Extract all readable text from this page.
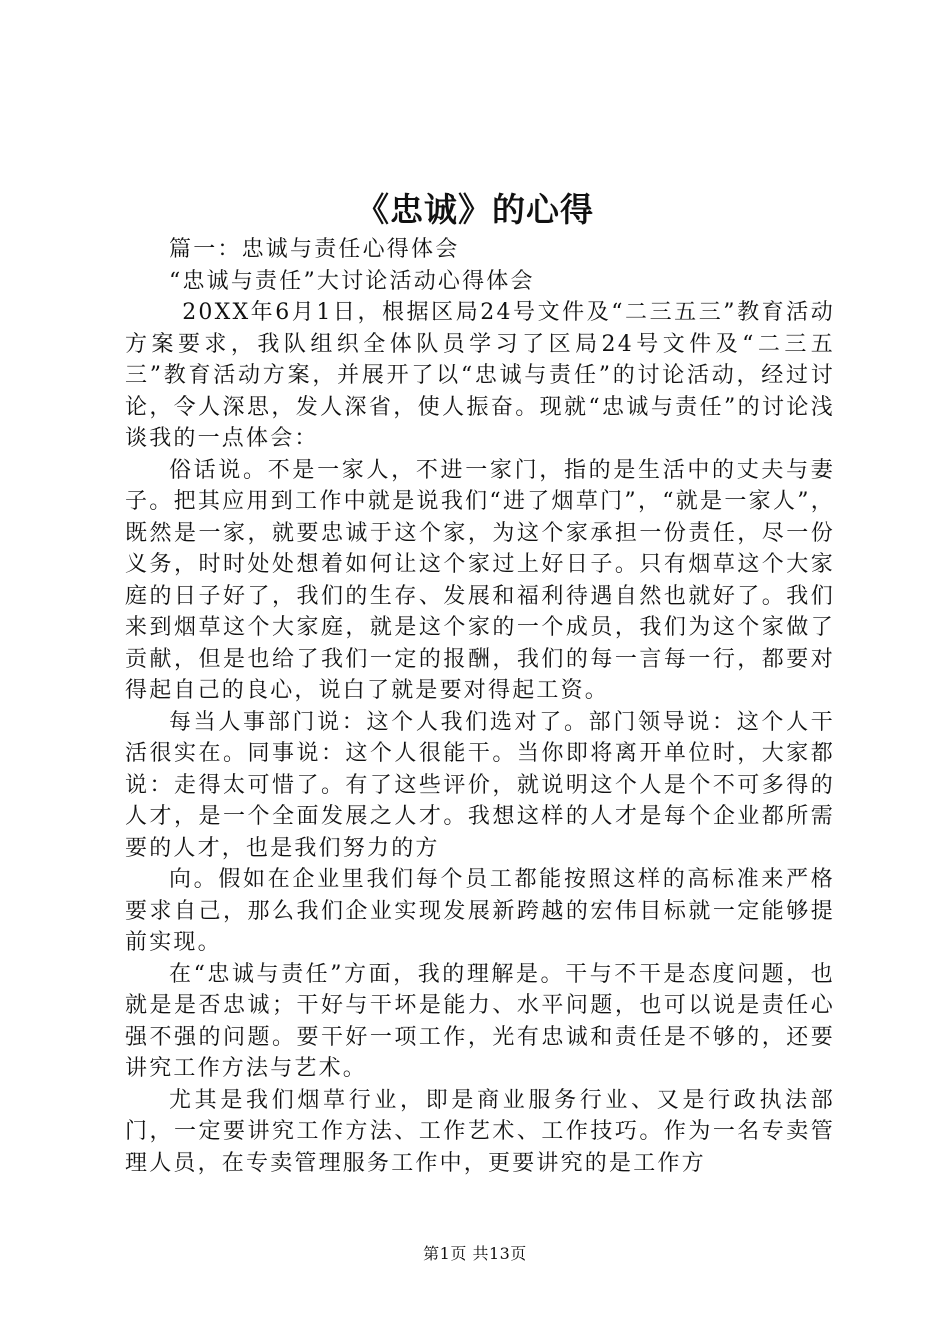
《忠诚》的心得

篇一：忠诚与责任心得体会

“忠诚与责任”大讨论活动心得体会

20XX年6月1日，根据区局24号文件及“二三五三”教育活动方案要求，我队组织全体队员学习了区局24号文件及“二三五三”教育活动方案，并展开了以“忠诚与责任”的讨论活动，经过讨论，令人深思，发人深省，使人振奋。现就“忠诚与责任”的讨论浅谈我的一点体会：

俗话说。不是一家人，不进一家门，指的是生活中的丈夫与妻子。把其应用到工作中就是说我们“进了烟草门”，“就是一家人”，既然是一家，就要忠诚于这个家，为这个家承担一份责任，尽一份义务，时时处处想着如何让这个家过上好日子。只有烟草这个大家庭的日子好了，我们的生存、发展和福利待遇自然也就好了。我们来到烟草这个大家庭，就是这个家的一个成员，我们为这个家做了贡献，但是也给了我们一定的报酬，我们的每一言每一行，都要对得起自己的良心，说白了就是要对得起工资。

每当人事部门说：这个人我们选对了。部门领导说：这个人干活很实在。同事说：这个人很能干。当你即将离开单位时，大家都说：走得太可惜了。有了这些评价，就说明这个人是个不可多得的人才，是一个全面发展之人才。我想这样的人才是每个企业都所需要的人才，也是我们努力的方

向。假如在企业里我们每个员工都能按照这样的高标准来严格要求自己，那么我们企业实现发展新跨越的宏伟目标就一定能够提前实现。

在“忠诚与责任”方面，我的理解是。干与不干是态度问题，也就是是否忠诚；干好与干坏是能力、水平问题，也可以说是责任心强不强的问题。要干好一项工作，光有忠诚和责任是不够的，还要讲究工作方法与艺术。

尤其是我们烟草行业，即是商业服务行业、又是行政执法部门，一定要讲究工作方法、工作艺术、工作技巧。作为一名专卖管理人员，在专卖管理服务工作中，更要讲究的是工作方

第1页 共13页
